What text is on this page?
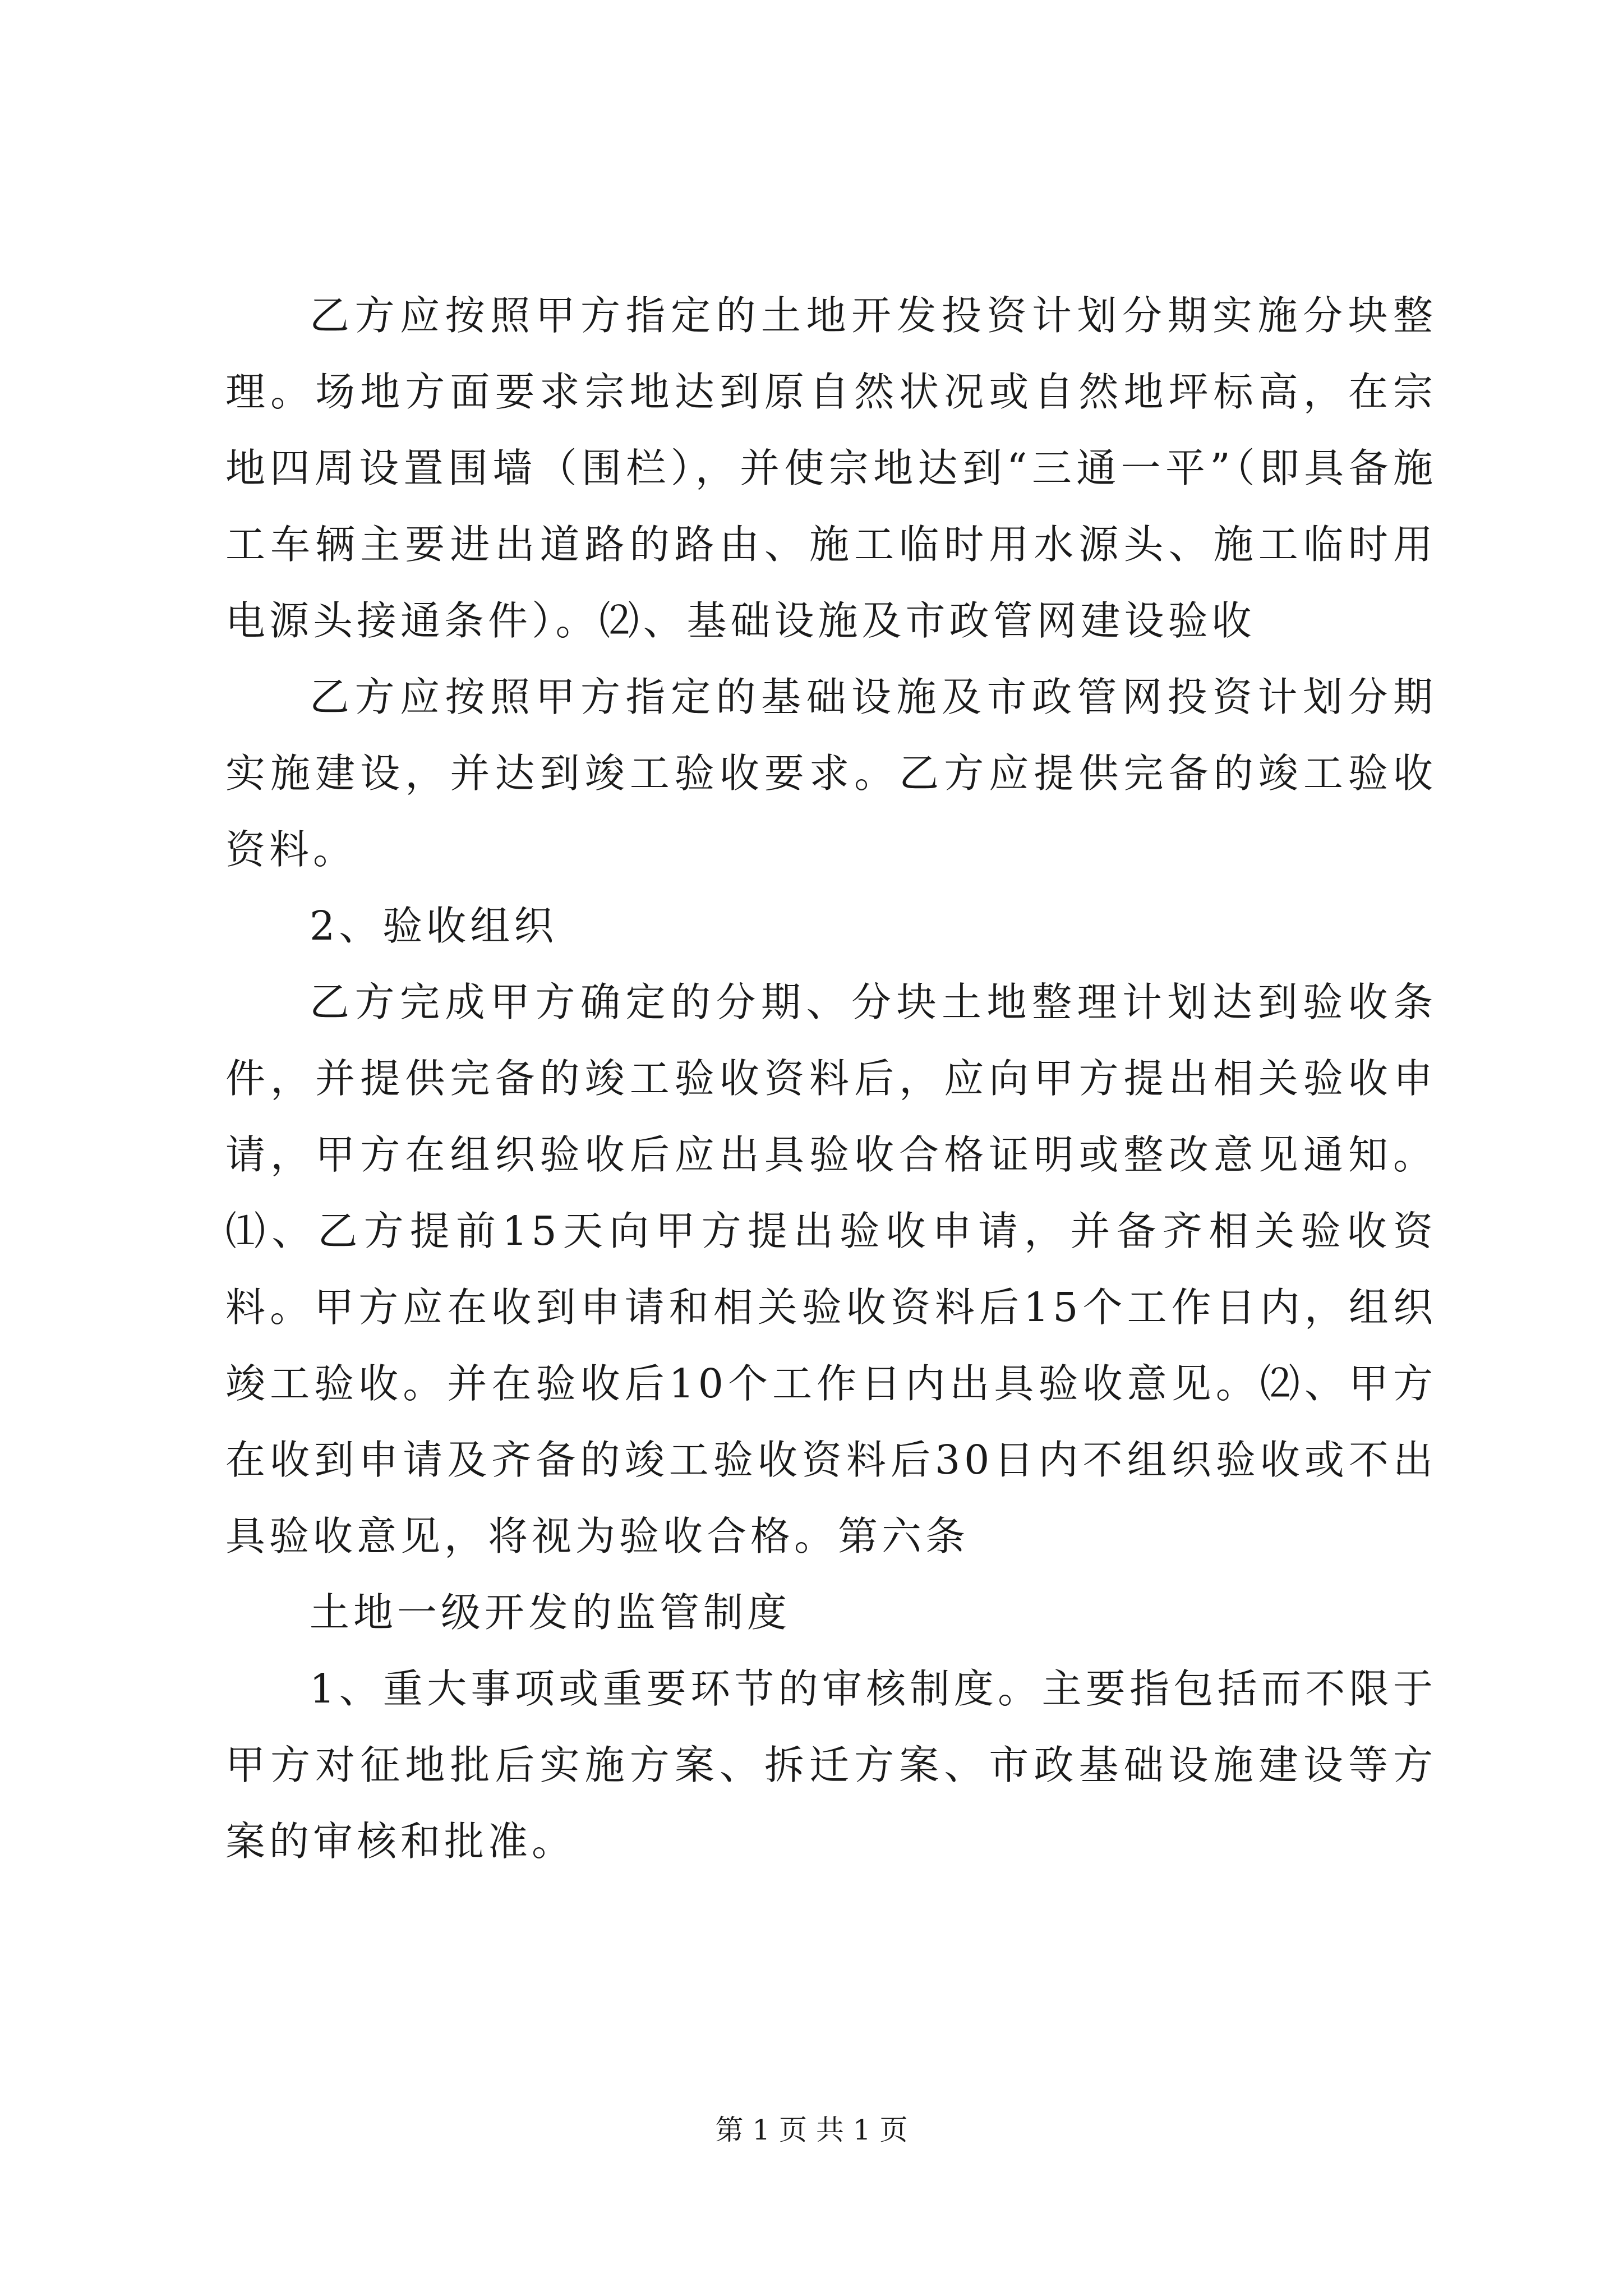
乙方应按照甲方指定的土地开发投资计划分期实施分块整理。场地方面要求宗地达到原自然状况或自然地坪标高，在宗地四周设置围墙（围栏），并使宗地达到“三通一平”（即具备施工车辆主要进出道路的路由、施工临时用水源头、施工临时用电源头接通条件）。⑵、基础设施及市政管网建设验收

乙方应按照甲方指定的基础设施及市政管网投资计划分期实施建设，并达到竣工验收要求。乙方应提供完备的竣工验收资料。

2、验收组织

乙方完成甲方确定的分期、分块土地整理计划达到验收条件，并提供完备的竣工验收资料后，应向甲方提出相关验收申请，甲方在组织验收后应出具验收合格证明或整改意见通知。⑴、乙方提前15天向甲方提出验收申请，并备齐相关验收资料。甲方应在收到申请和相关验收资料后15个工作日内，组织竣工验收。并在验收后10个工作日内出具验收意见。⑵、甲方在收到申请及齐备的竣工验收资料后30日内不组织验收或不出具验收意见，将视为验收合格。第六条

土地一级开发的监管制度

1、重大事项或重要环节的审核制度。主要指包括而不限于甲方对征地批后实施方案、拆迁方案、市政基础设施建设等方案的审核和批准。

第 1 页 共 1 页
